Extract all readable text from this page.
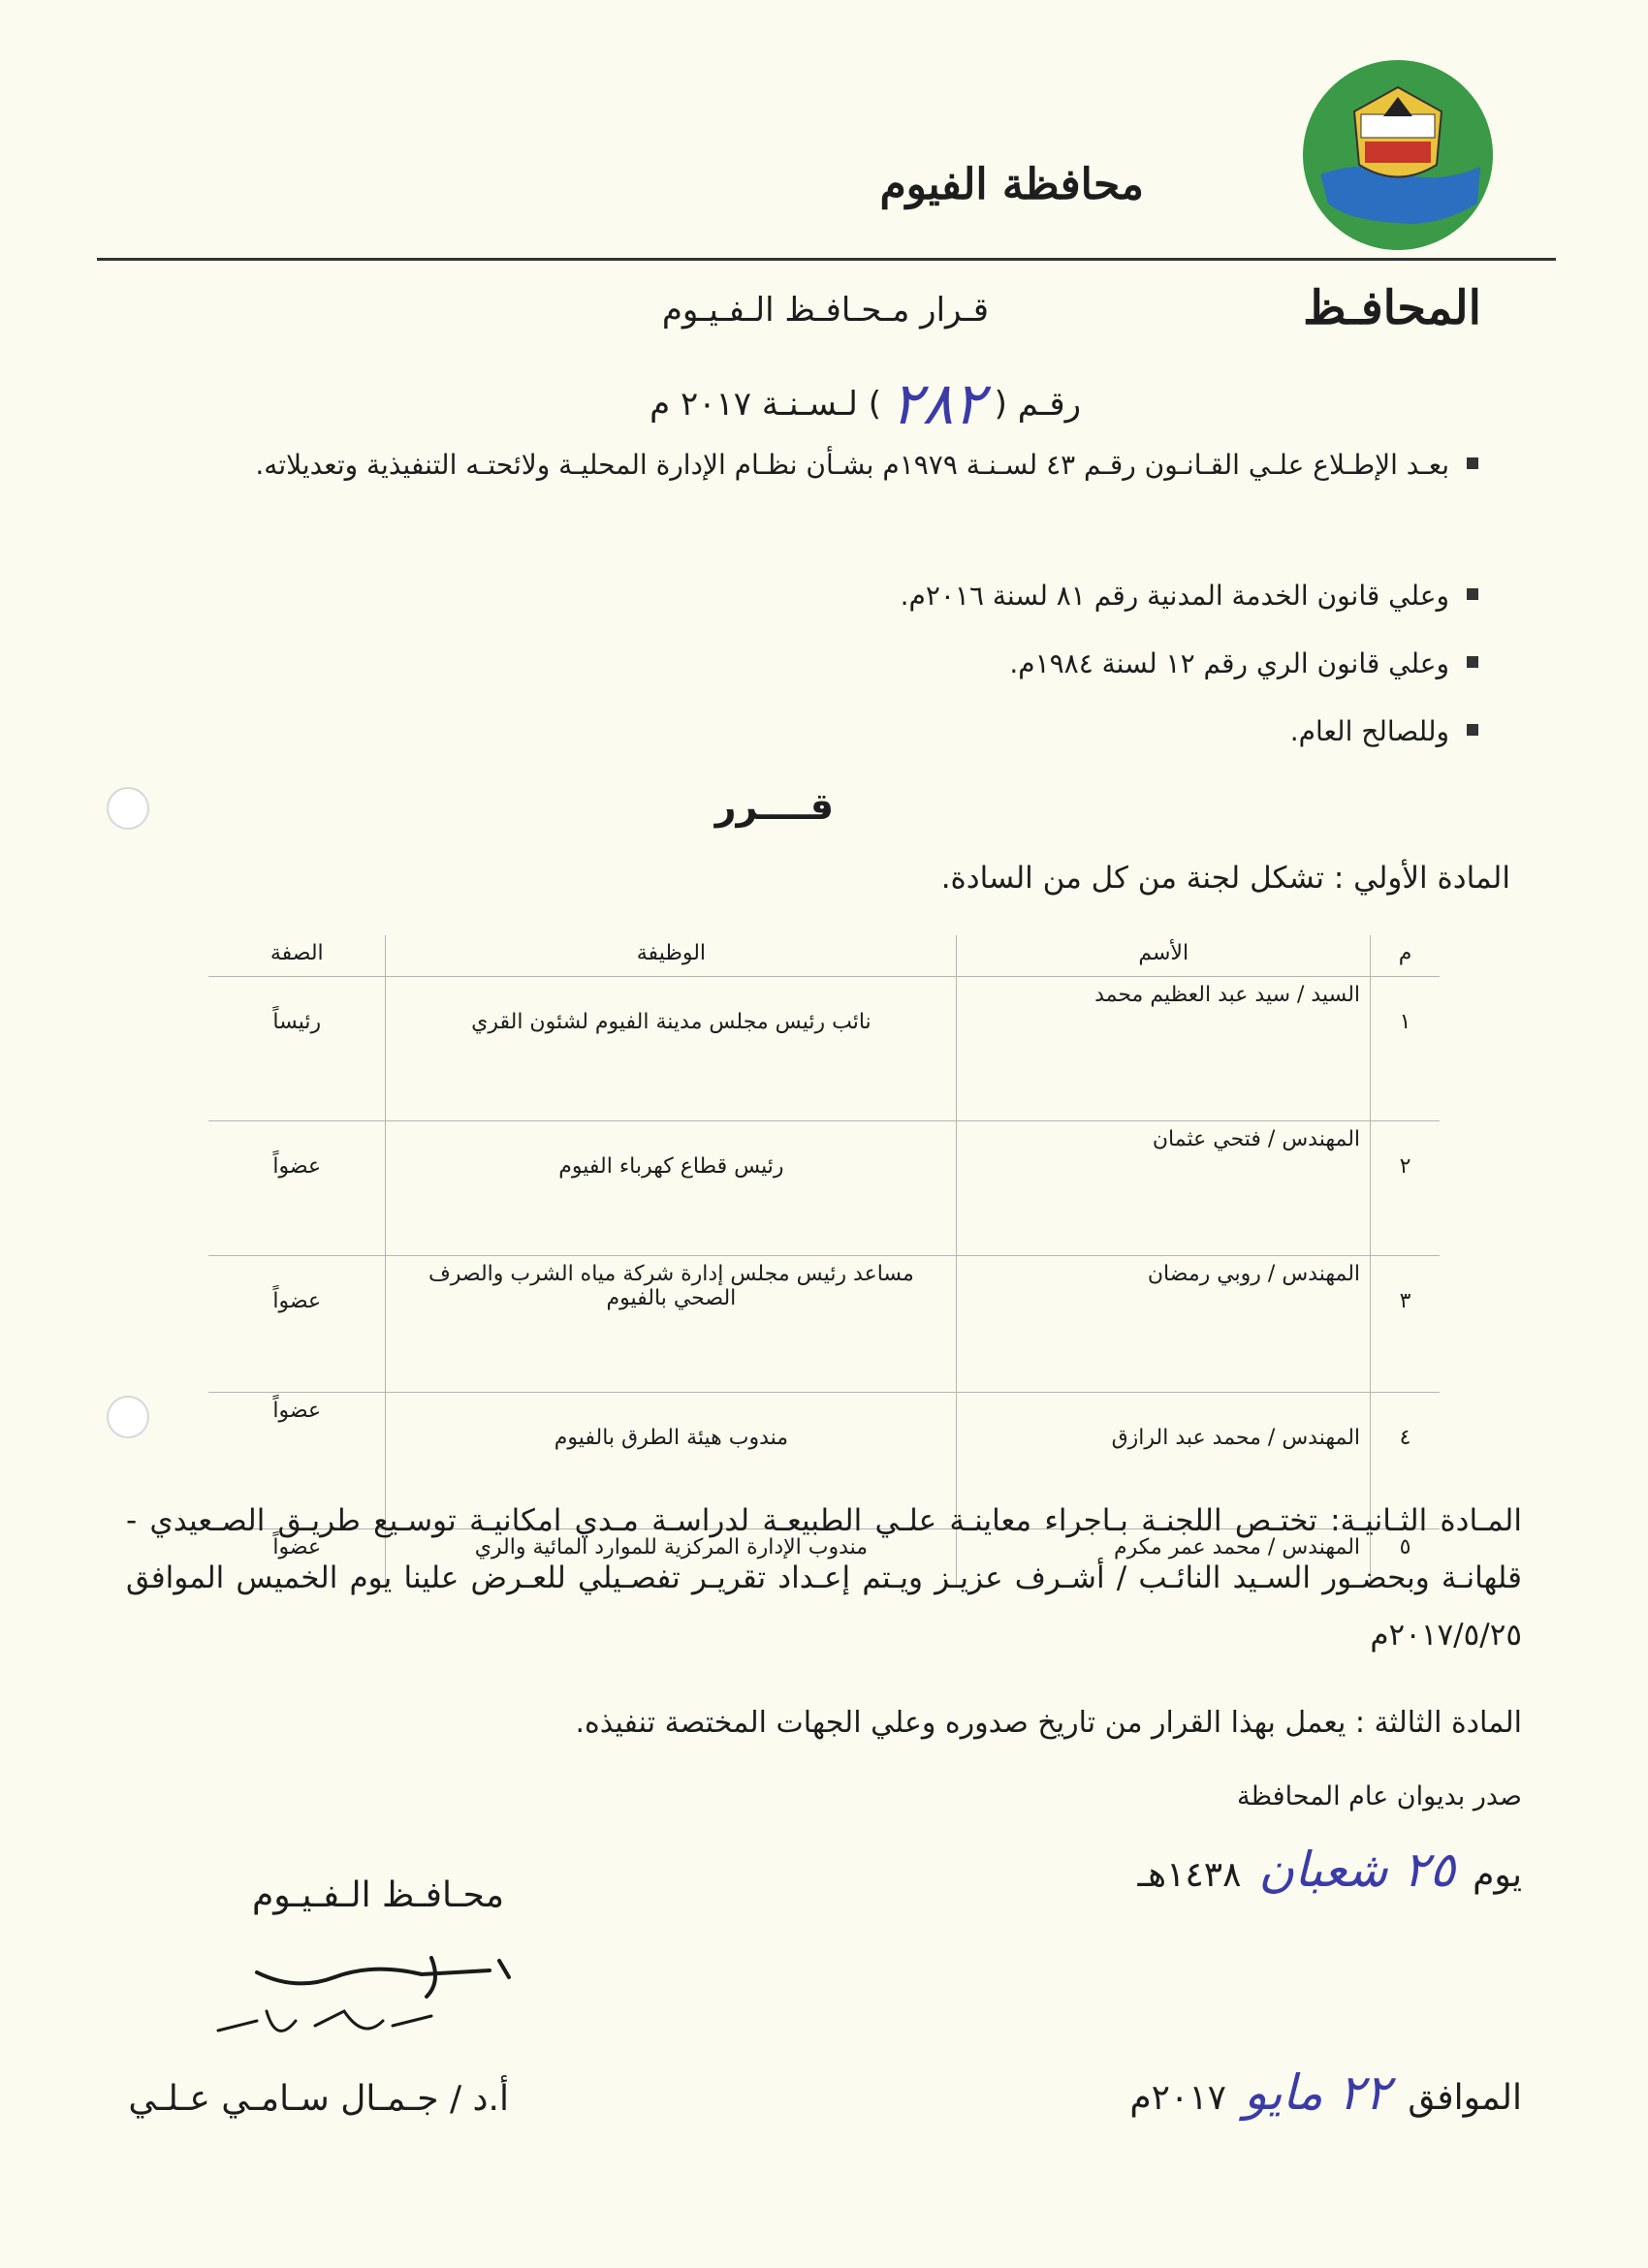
محافظة الفيوم
المحافـظ
قـرار مـحـافـظ الـفـيـوم
رقـم (
٢٨٢
) لـسـنـة ٢٠١٧ م
بعـد الإطـلاع علـي القـانـون رقـم ٤٣ لسـنـة ١٩٧٩م بشـأن نظـام الإدارة المحليـة ولائحتـه التنفيذية وتعديلاته.
وعلي قانون الخدمة المدنية رقم ٨١ لسنة ٢٠١٦م.
وعلي قانون الري رقم ١٢ لسنة ١٩٨٤م.
وللصالح العام.
قــــرر
المادة الأولي : تشكل لجنة من كل من السادة.
م	الأسم	الوظيفة	الصفة
١	السيد / سيد عبد العظيم محمد	نائب رئيس مجلس مدينة الفيوم لشئون القري	رئيساً
٢	المهندس / فتحي عثمان	رئيس قطاع كهرباء الفيوم	عضواً
٣	المهندس / روبي رمضان	مساعد رئيس مجلس إدارة شركة مياه الشرب والصرف الصحي بالفيوم	عضواً
٤	المهندس / محمد عبد الرازق	مندوب هيئة الطرق بالفيوم	عضواً
٥	المهندس / محمد عمر مكرم	مندوب الإدارة المركزية للموارد المائية والري	عضواً
المـادة الثـانيـة: تختـص اللجنـة بـاجراء معاينـة علـي الطبيعـة لدراسـة مـدي امكانيـة توسـيع طريـق الصـعيدي - قلهانـة وبحضـور السـيد النائـب / أشـرف عزيـز ويـتم إعـداد تقريـر تفصـيلي للعـرض علينا يوم الخميس الموافق ٢٠١٧/٥/٢٥م
المادة الثالثة : يعمل بهذا القرار من تاريخ صدوره وعلي الجهات المختصة تنفيذه.
صدر بديوان عام المحافظة
يوم
٢٥ شعبان
١٤٣٨هـ
الموافق
٢٢ مايو
٢٠١٧م
محـافـظ الـفـيـوم
أ.د / جـمـال سـامـي عـلـي
